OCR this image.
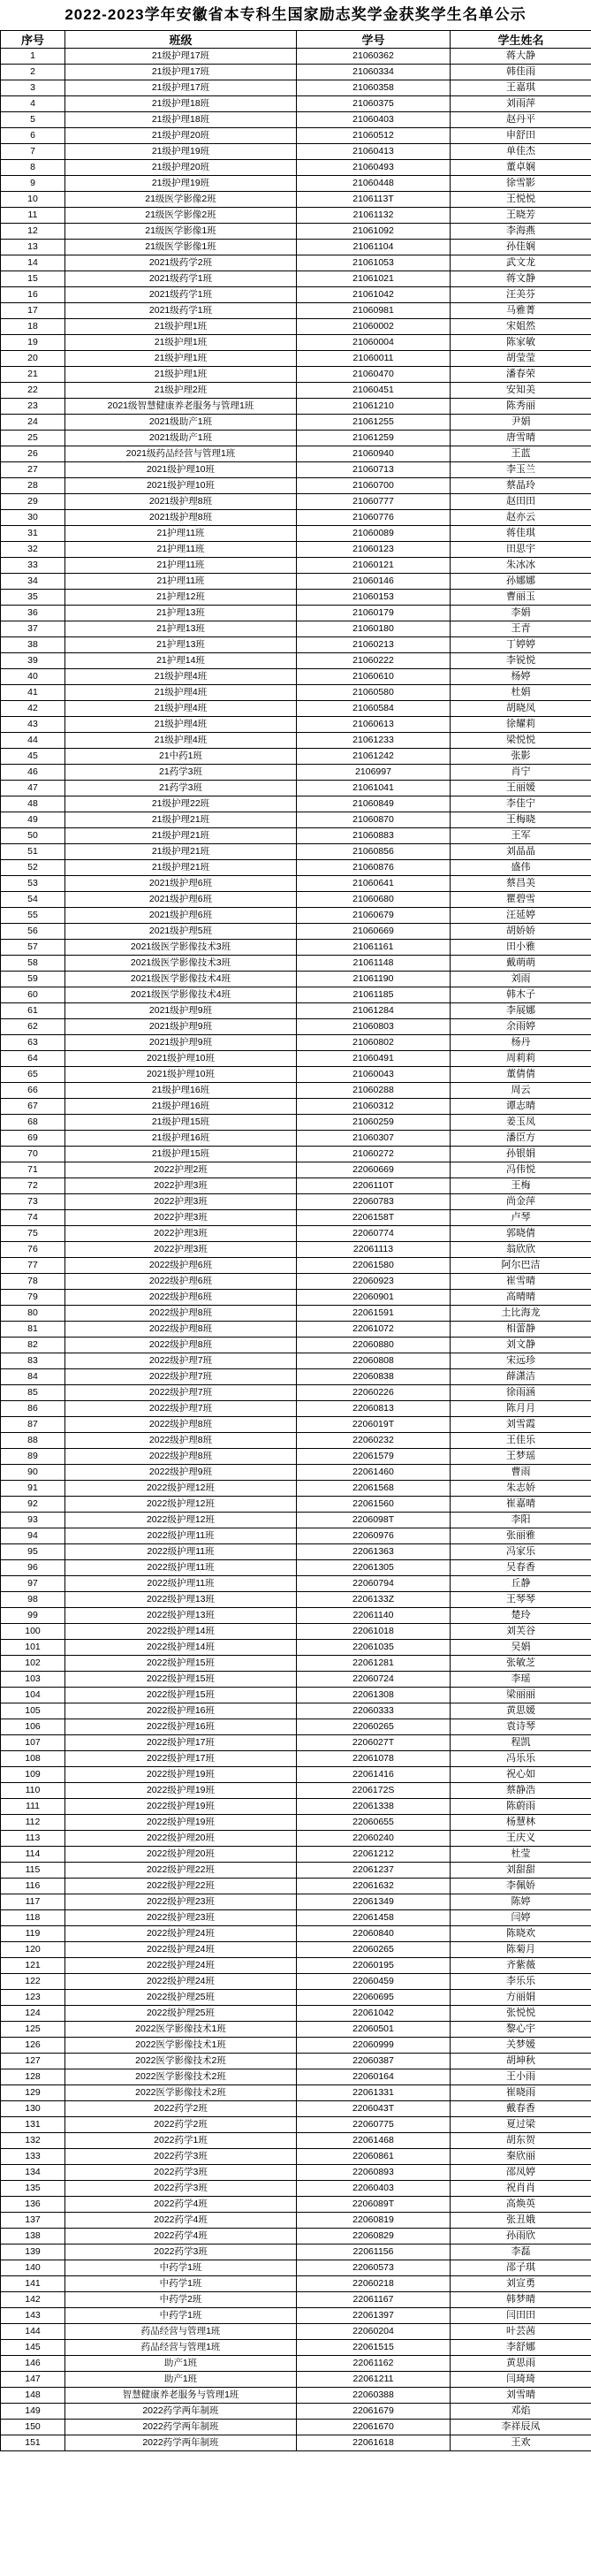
2022-2023学年安徽省本专科生国家励志奖学金获奖学生名单公示
序号	班级	学号	学生姓名
1	21级护理17班	21060362	蒋大静
2	21级护理17班	21060334	韩佳雨
3	21级护理17班	21060358	王嘉琪
4	21级护理18班	21060375	刘雨萍
5	21级护理18班	21060403	赵丹平
6	21级护理20班	21060512	申舒田
7	21级护理19班	21060413	单佳杰
8	21级护理20班	21060493	董卓娴
9	21级护理19班	21060448	徐雪影
10	21级医学影像2班	2106113T	王悦悦
11	21级医学影像2班	21061132	王晓芳
12	21级医学影像1班	21061092	李海燕
13	21级医学影像1班	21061104	孙佳娴
14	2021级药学2班	21061053	武文龙
15	2021级药学1班	21061021	蒋文静
16	2021级药学1班	21061042	汪美芬
17	2021级药学1班	21060981	马雅菁
18	21级护理1班	21060002	宋姐然
19	21级护理1班	21060004	陈家敏
20	21级护理1班	21060011	胡莹莹
21	21级护理1班	21060470	潘春荣
22	21级护理2班	21060451	安知美
23	2021级智慧健康养老服务与管理1班	21061210	陈秀丽
24	2021级助产1班	21061255	尹娟
25	2021级助产1班	21061259	唐雪晴
26	2021级药品经营与管理1班	21060940	王蓝
27	2021级护理10班	21060713	李玉兰
28	2021级护理10班	21060700	蔡晶玲
29	2021级护理8班	21060777	赵田田
30	2021级护理8班	21060776	赵亦云
31	21护理11班	21060089	蒋佳琪
32	21护理11班	21060123	田思宇
33	21护理11班	21060121	朱冰冰
34	21护理11班	21060146	孙娜娜
35	21护理12班	21060153	曹丽玉
36	21护理13班	21060179	李娟
37	21护理13班	21060180	王青
38	21护理13班	21060213	丁婷婷
39	21护理14班	21060222	李锐悦
40	21级护理4班	21060610	杨婷
41	21级护理4班	21060580	杜娟
42	21级护理4班	21060584	胡晓凤
43	21级护理4班	21060613	徐耀莉
44	21级护理4班	21061233	梁悦悦
45	21中药1班	21061242	张影
46	21药学3班	2106997	肖宁
47	21药学3班	21061041	王丽媛
48	21级护理22班	21060849	李佳宁
49	21级护理21班	21060870	王梅晓
50	21级护理21班	21060883	王军
51	21级护理21班	21060856	刘晶晶
52	21级护理21班	21060876	盛伟
53	2021级护理6班	21060641	蔡昌美
54	2021级护理6班	21060680	瞿碧雪
55	2021级护理6班	21060679	汪延婷
56	2021级护理5班	21060669	胡娇娇
57	2021级医学影像技术3班	21061161	田小雅
58	2021级医学影像技术3班	21061148	戴萌萌
59	2021级医学影像技术4班	21061190	刘雨
60	2021级医学影像技术4班	21061185	韩木子
61	2021级护理9班	21061284	李展娜
62	2021级护理9班	21060803	余雨婷
63	2021级护理9班	21060802	杨丹
64	2021级护理10班	21060491	周莉莉
65	2021级护理10班	21060043	董倩倩
66	21级护理16班	21060288	周云
67	21级护理16班	21060312	谭志晴
68	21级护理15班	21060259	姜玉凤
69	21级护理16班	21060307	潘臣方
70	21级护理15班	21060272	孙银娟
71	2022护理2班	22060669	冯伟悦
72	2022护理3班	2206110T	王梅
73	2022护理3班	22060783	尚金萍
74	2022护理3班	2206158T	卢琴
75	2022护理3班	22060774	郭晓倩
76	2022护理3班	22061113	翁欣欣
77	2022级护理6班	22061580	阿尔巴洁
78	2022级护理6班	22060923	崔雪晴
79	2022级护理6班	22060901	高晴晴
80	2022级护理8班	22061591	土比海龙
81	2022级护理8班	22061072	相蕾静
82	2022级护理8班	22060880	刘文静
83	2022级护理7班	22060808	宋远珍
84	2022级护理7班	22060838	薛潇洁
85	2022级护理7班	22060226	徐雨涵
86	2022级护理7班	22060813	陈月月
87	2022级护理8班	2206019T	刘雪霞
88	2022级护理8班	22060232	王佳乐
89	2022级护理8班	22061579	王梦瑶
90	2022级护理9班	22061460	曹雨
91	2022级护理12班	22061568	朱志娇
92	2022级护理12班	22061560	崔嘉晴
93	2022级护理12班	2206098T	李阳
94	2022级护理11班	22060976	张丽雅
95	2022级护理11班	22061363	冯家乐
96	2022级护理11班	22061305	吴春香
97	2022级护理11班	22060794	丘静
98	2022级护理13班	2206133Z	王琴琴
99	2022级护理13班	22061140	楚玲
100	2022级护理14班	22061018	刘芙谷
101	2022级护理14班	22061035	吴娟
102	2022级护理15班	22061281	张敏芝
103	2022级护理15班	22060724	李瑶
104	2022级护理15班	22061308	梁丽丽
105	2022级护理16班	22060333	黄思媛
106	2022级护理16班	22060265	袁诗琴
107	2022级护理17班	2206027T	程凯
108	2022级护理17班	22061078	冯乐乐
109	2022级护理19班	22061416	祝心如
110	2022级护理19班	2206172S	蔡静浩
111	2022级护理19班	22061338	陈蔚雨
112	2022级护理19班	22060655	杨慧林
113	2022级护理20班	22060240	王庆义
114	2022级护理20班	22061212	杜莹
115	2022级护理22班	22061237	刘甜甜
116	2022级护理22班	22061632	李佩娇
117	2022级护理23班	22061349	陈婷
118	2022级护理23班	22061458	闫婷
119	2022级护理24班	22060840	陈晓欢
120	2022级护理24班	22060265	陈菊月
121	2022级护理24班	22060195	齐紫薇
122	2022级护理24班	22060459	李乐乐
123	2022级护理25班	22060695	方丽娟
124	2022级护理25班	22061042	张悦悦
125	2022医学影像技术1班	22060501	黎心宇
126	2022医学影像技术1班	22060999	关梦媛
127	2022医学影像技术2班	22060387	胡坤秋
128	2022医学影像技术2班	22060164	王小雨
129	2022医学影像技术2班	22061331	崔晓雨
130	2022药学2班	2206043T	戴春香
131	2022药学2班	22060775	夏过梁
132	2022药学1班	22061468	胡东贺
133	2022药学3班	22060861	秦欣丽
134	2022药学3班	22060893	邵凤婷
135	2022药学3班	22060403	祝肖肖
136	2022药学4班	2206089T	高焕英
137	2022药学4班	22060819	张丑娥
138	2022药学4班	22060829	孙雨欣
139	2022药学3班	22061156	李磊
140	中药学1班	22060573	邵子琪
141	中药学1班	22060218	刘宣勇
142	中药学2班	22061167	韩梦晴
143	中药学1班	22061397	闫田田
144	药品经营与管理1班	22060204	叶芸茜
145	药品经营与管理1班	22061515	李舒娜
146	助产1班	22061162	黄思雨
147	助产1班	22061211	闫琦琦
148	智慧健康养老服务与管理1班	22060388	刘雪晴
149	2022药学两年制班	22061679	邓焰
150	2022药学两年制班	22061670	李祥辰凤
151	2022药学两年制班	22061618	王欢
